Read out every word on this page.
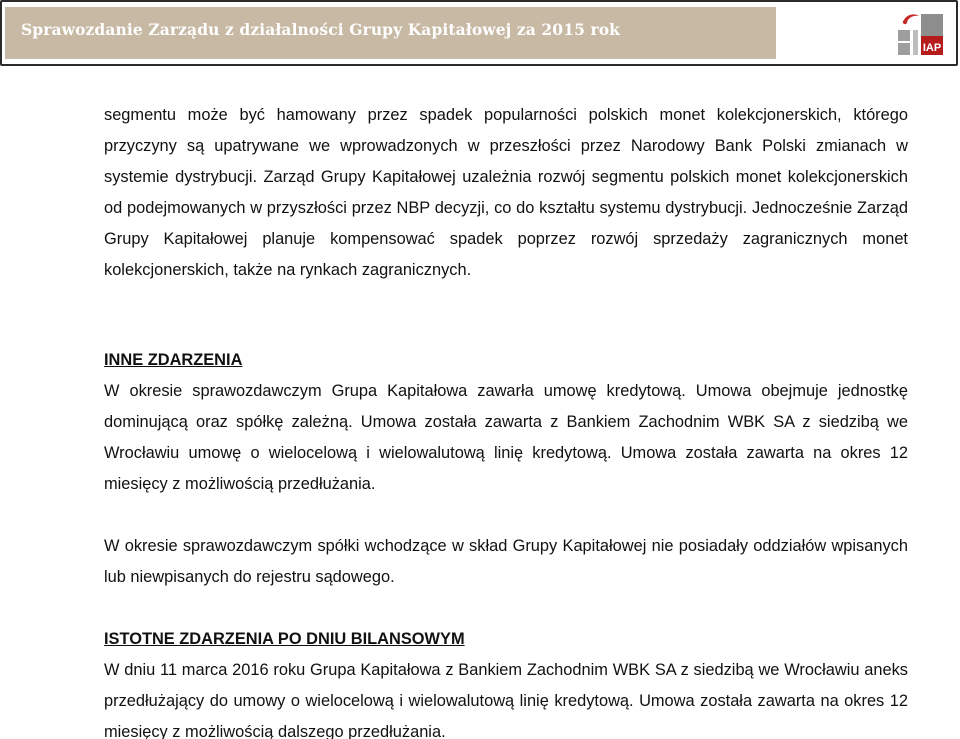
Sprawozdanie Zarządu z działalności Grupy Kapitałowej za 2015 rok
IAP

segmentu może być hamowany przez spadek popularności polskich monet kolekcjonerskich, którego przyczyny są upatrywane we wprowadzonych w przeszłości przez Narodowy Bank Polski zmianach w systemie dystrybucji. Zarząd Grupy Kapitałowej uzależnia rozwój segmentu polskich monet kolekcjonerskich od podejmowanych w przyszłości przez NBP decyzji, co do kształtu systemu dystrybucji. Jednocześnie Zarząd Grupy Kapitałowej planuje kompensować spadek poprzez rozwój sprzedaży zagranicznych monet kolekcjonerskich, także na rynkach zagranicznych.

INNE ZDARZENIA

W okresie sprawozdawczym Grupa Kapitałowa zawarła umowę kredytową. Umowa obejmuje jednostkę dominującą oraz spółkę zależną. Umowa została zawarta z Bankiem Zachodnim WBK SA z siedzibą we Wrocławiu umowę o wielocelową i wielowalutową linię kredytową. Umowa została zawarta na okres 12 miesięcy z możliwością przedłużania.

W okresie sprawozdawczym spółki wchodzące w skład Grupy Kapitałowej nie posiadały oddziałów wpisanych lub niewpisanych do rejestru sądowego.

ISTOTNE ZDARZENIA PO DNIU BILANSOWYM

W dniu 11 marca 2016 roku Grupa Kapitałowa z Bankiem Zachodnim WBK SA z siedzibą we Wrocławiu aneks przedłużający do umowy o wielocelową i wielowalutową linię kredytową. Umowa została zawarta na okres 12 miesięcy z możliwością dalszego przedłużania.
